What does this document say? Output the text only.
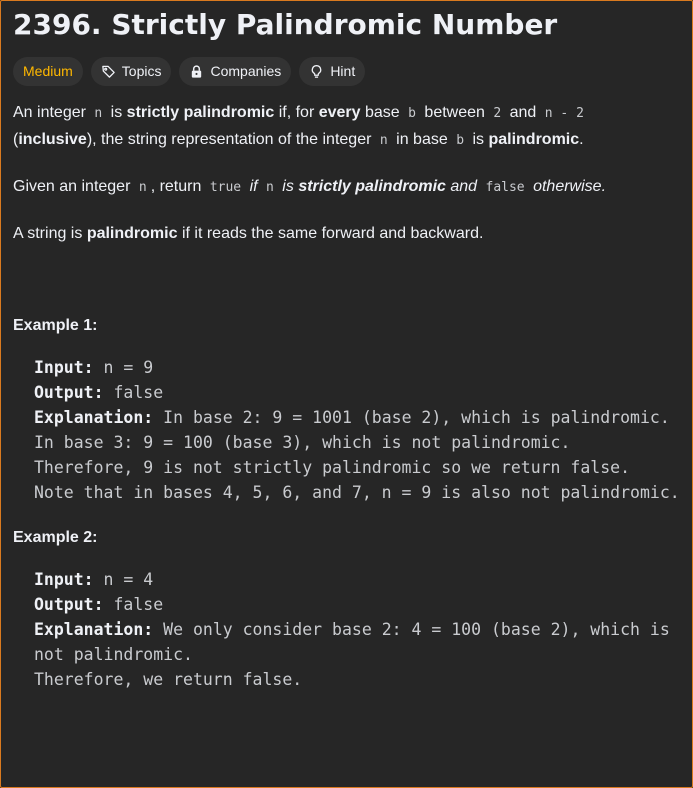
2396. Strictly Palindromic Number
Medium	Topics	Companies	Hint

An integer n is strictly palindromic if, for every base b between 2 and n - 2
(inclusive), the string representation of the integer n in base b is palindromic.

Given an integer n , return true if n is strictly palindromic and false otherwise.

A string is palindromic if it reads the same forward and backward.

Example 1:
Input: n = 9
Output: false
Explanation: In base 2: 9 = 1001 (base 2), which is palindromic.
In base 3: 9 = 100 (base 3), which is not palindromic.
Therefore, 9 is not strictly palindromic so we return false.
Note that in bases 4, 5, 6, and 7, n = 9 is also not palindromic.
Example 2:
Input: n = 4
Output: false
Explanation: We only consider base 2: 4 = 100 (base 2), which is not palindromic.
Therefore, we return false.
